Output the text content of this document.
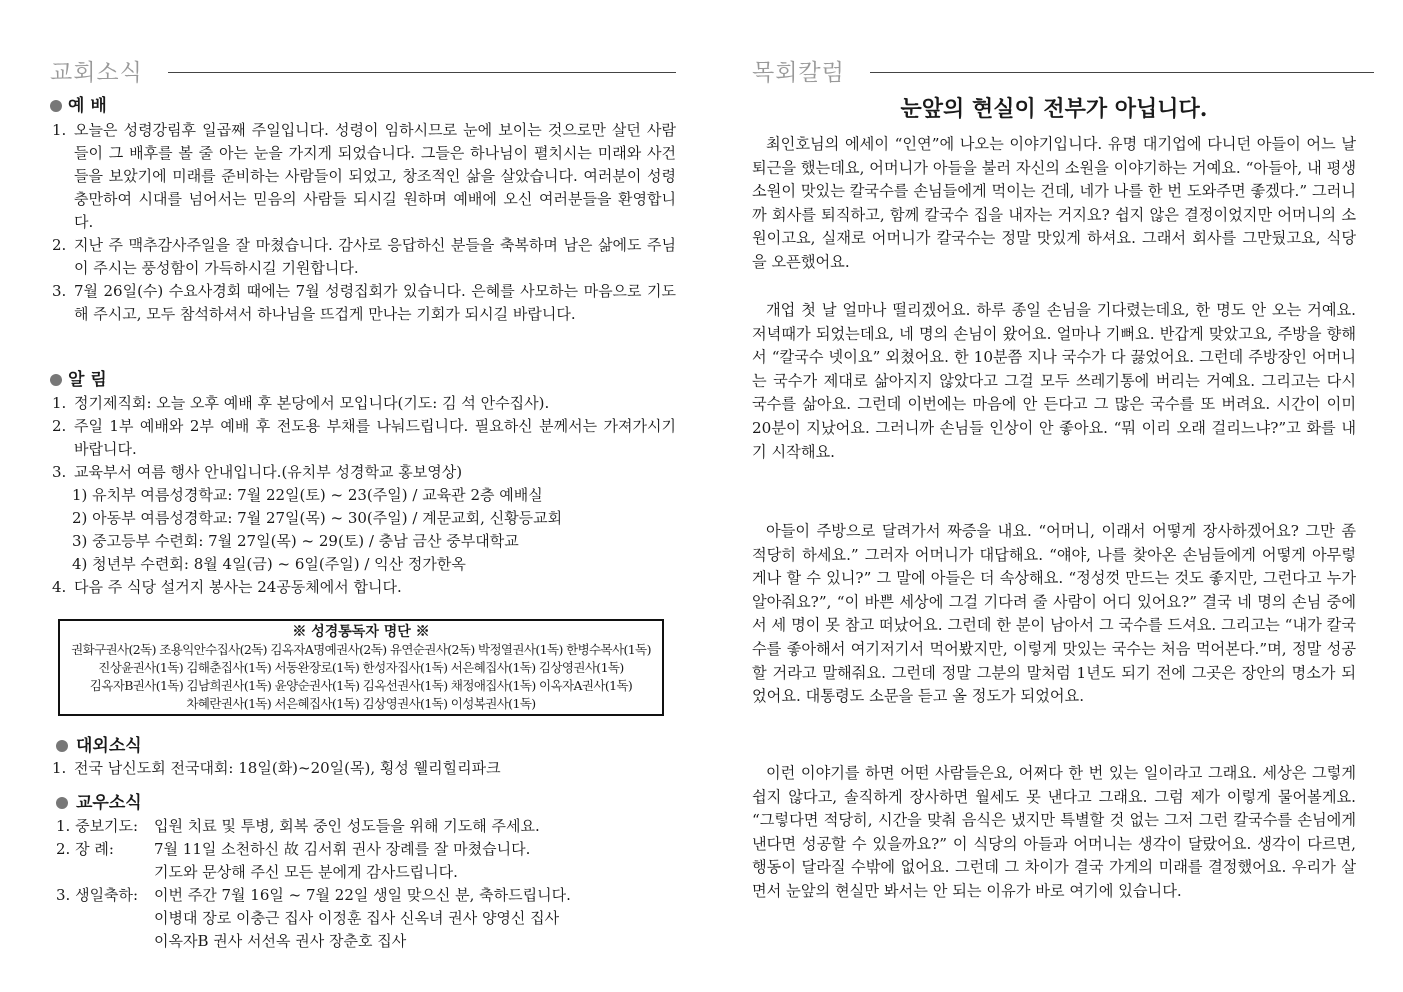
교회소식
예 배
1. 오늘은 성령강림후 일곱째 주일입니다. 성령이 임하시므로 눈에 보이는 것으로만 살던 사람들이 그 배후를 볼 줄 아는 눈을 가지게 되었습니다. 그들은 하나님이 펼치시는 미래와 사건들을 보았기에 미래를 준비하는 사람들이 되었고, 창조적인 삶을 살았습니다. 여러분이 성령충만하여 시대를 넘어서는 믿음의 사람들 되시길 원하며 예배에 오신 여러분들을 환영합니다.
2. 지난 주 맥추감사주일을 잘 마쳤습니다. 감사로 응답하신 분들을 축복하며 남은 삶에도 주님이 주시는 풍성함이 가득하시길 기원합니다.
3. 7월 26일(수) 수요사경회 때에는 7월 성령집회가 있습니다. 은혜를 사모하는 마음으로 기도해 주시고, 모두 참석하셔서 하나님을 뜨겁게 만나는 기회가 되시길 바랍니다.
알 림
1. 정기제직회: 오늘 오후 예배 후 본당에서 모입니다(기도: 김 석 안수집사).
2. 주일 1부 예배와 2부 예배 후 전도용 부채를 나눠드립니다. 필요하신 분께서는 가져가시기 바랍니다.
3. 교육부서 여름 행사 안내입니다.(유치부 성경학교 홍보영상)
1) 유치부 여름성경학교: 7월 22일(토) ~ 23(주일) / 교육관 2층 예배실
2) 아동부 여름성경학교: 7월 27일(목) ~ 30(주일) / 계문교회, 신황등교회
3) 중고등부 수련회: 7월 27일(목) ~ 29(토) / 충남 금산 중부대학교
4) 청년부 수련회: 8월 4일(금) ~ 6일(주일) / 익산 정가한옥
4. 다음 주 식당 설거지 봉사는 24공동체에서 합니다.
※ 성경통독자 명단 ※
권화구권사(2독) 조용익안수집사(2독) 김옥자A명예권사(2독) 유연순권사(2독) 박정열권사(1독) 한병수목사(1독)
진상윤권사(1독) 김해춘집사(1독) 서동완장로(1독) 한성자집사(1독) 서은혜집사(1독) 김상영권사(1독)
김옥자B권사(1독) 김남희권사(1독) 윤양순권사(1독) 김옥선권사(1독) 채정애집사(1독) 이옥자A권사(1독)
차혜란권사(1독) 서은혜집사(1독) 김상영권사(1독) 이성복권사(1독)
대외소식
1. 전국 남신도회 전국대회: 18일(화)~20일(목), 횡성 웰리힐리파크
교우소식
1. 중보기도: 입원 치료 및 투병, 회복 중인 성도들을 위해 기도해 주세요.
2. 장 례:	7월 11일 소천하신 故 김서휘 권사 장례를 잘 마쳤습니다.
기도와 문상해 주신 모든 분에게 감사드립니다.
3. 생일축하: 이번 주간 7월 16일 ~ 7월 22일 생일 맞으신 분, 축하드립니다.
이병대 장로 이충근 집사 이정훈 집사 신옥녀 권사 양영신 집사
이옥자B 권사 서선옥 권사 장춘호 집사
목회칼럼
눈앞의 현실이 전부가 아닙니다.

최인호님의 에세이 “인연”에 나오는 이야기입니다. 유명 대기업에 다니던 아들이 어느 날 퇴근을 했는데요, 어머니가 아들을 불러 자신의 소원을 이야기하는 거예요. “아들아, 내 평생소원이 맛있는 칼국수를 손님들에게 먹이는 건데, 네가 나를 한 번 도와주면 좋겠다.” 그러니까 회사를 퇴직하고, 함께 칼국수 집을 내자는 거지요? 쉽지 않은 결정이었지만 어머니의 소원이고요, 실재로 어머니가 칼국수는 정말 맛있게 하셔요. 그래서 회사를 그만뒀고요, 식당을 오픈했어요.

개업 첫 날 얼마나 떨리겠어요. 하루 종일 손님을 기다렸는데요, 한 명도 안 오는 거예요. 저녁때가 되었는데요, 네 명의 손님이 왔어요. 얼마나 기뻐요. 반갑게 맞았고요, 주방을 향해서 “칼국수 넷이요” 외쳤어요. 한 10분쯤 지나 국수가 다 끓었어요. 그런데 주방장인 어머니는 국수가 제대로 삶아지지 않았다고 그걸 모두 쓰레기통에 버리는 거예요. 그리고는 다시 국수를 삶아요. 그런데 이번에는 마음에 안 든다고 그 많은 국수를 또 버려요. 시간이 이미 20분이 지났어요. 그러니까 손님들 인상이 안 좋아요. “뭐 이리 오래 걸리느냐?”고 화를 내기 시작해요.

아들이 주방으로 달려가서 짜증을 내요. “어머니, 이래서 어떻게 장사하겠어요? 그만 좀 적당히 하세요.” 그러자 어머니가 대답해요. “얘야, 나를 찾아온 손님들에게 어떻게 아무렇게나 할 수 있니?” 그 말에 아들은 더 속상해요. “정성껏 만드는 것도 좋지만, 그런다고 누가 알아줘요?”, “이 바쁜 세상에 그걸 기다려 줄 사람이 어디 있어요?” 결국 네 명의 손님 중에서 세 명이 못 참고 떠났어요. 그런데 한 분이 남아서 그 국수를 드셔요. 그리고는 “내가 칼국수를 좋아해서 여기저기서 먹어봤지만, 이렇게 맛있는 국수는 처음 먹어본다.”며, 정말 성공할 거라고 말해줘요. 그런데 정말 그분의 말처럼 1년도 되기 전에 그곳은 장안의 명소가 되었어요. 대통령도 소문을 듣고 올 정도가 되었어요.

이런 이야기를 하면 어떤 사람들은요, 어쩌다 한 번 있는 일이라고 그래요. 세상은 그렇게 쉽지 않다고, 솔직하게 장사하면 월세도 못 낸다고 그래요. 그럼 제가 이렇게 물어볼게요. “그렇다면 적당히, 시간을 맞춰 음식은 냈지만 특별할 것 없는 그저 그런 칼국수를 손님에게 낸다면 성공할 수 있을까요?” 이 식당의 아들과 어머니는 생각이 달랐어요. 생각이 다르면, 행동이 달라질 수밖에 없어요. 그런데 그 차이가 결국 가게의 미래를 결정했어요. 우리가 살면서 눈앞의 현실만 봐서는 안 되는 이유가 바로 여기에 있습니다.
